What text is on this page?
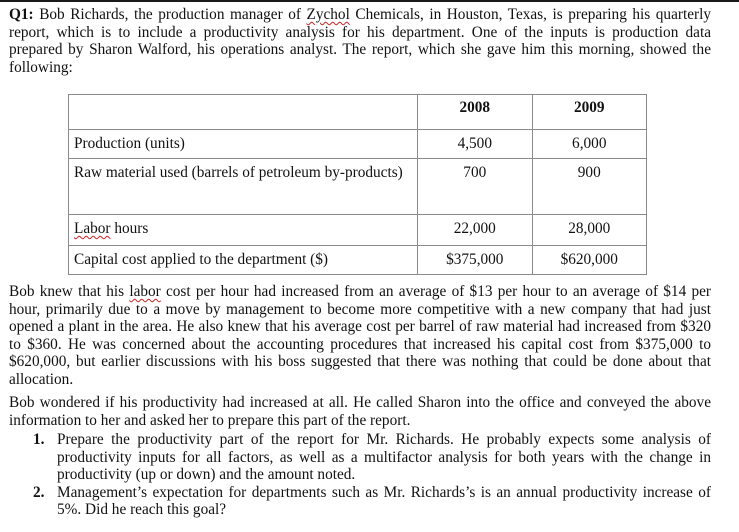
Q1: Bob Richards, the production manager of Zychol Chemicals, in Houston, Texas, is preparing his quarterly report, which is to include a productivity analysis for his department. One of the inputs is production data prepared by Sharon Walford, his operations analyst. The report, which she gave him this morning, showed the following:
	2008	2009
Production (units)	4,500	6,000
Raw material used (barrels of petroleum by-products)	700	900
Labor hours	22,000	28,000
Capital cost applied to the department ($)	$375,000	$620,000
Bob knew that his labor cost per hour had increased from an average of $13 per hour to an average of $14 per hour, primarily due to a move by management to become more competitive with a new company that had just opened a plant in the area. He also knew that his average cost per barrel of raw material had increased from $320 to $360. He was concerned about the accounting procedures that increased his capital cost from $375,000 to $620,000, but earlier discussions with his boss suggested that there was nothing that could be done about that allocation.
Bob wondered if his productivity had increased at all. He called Sharon into the office and conveyed the above information to her and asked her to prepare this part of the report.
1. Prepare the productivity part of the report for Mr. Richards. He probably expects some analysis of productivity inputs for all factors, as well as a multifactor analysis for both years with the change in productivity (up or down) and the amount noted.
2. Management’s expectation for departments such as Mr. Richards’s is an annual productivity increase of 5%. Did he reach this goal?
